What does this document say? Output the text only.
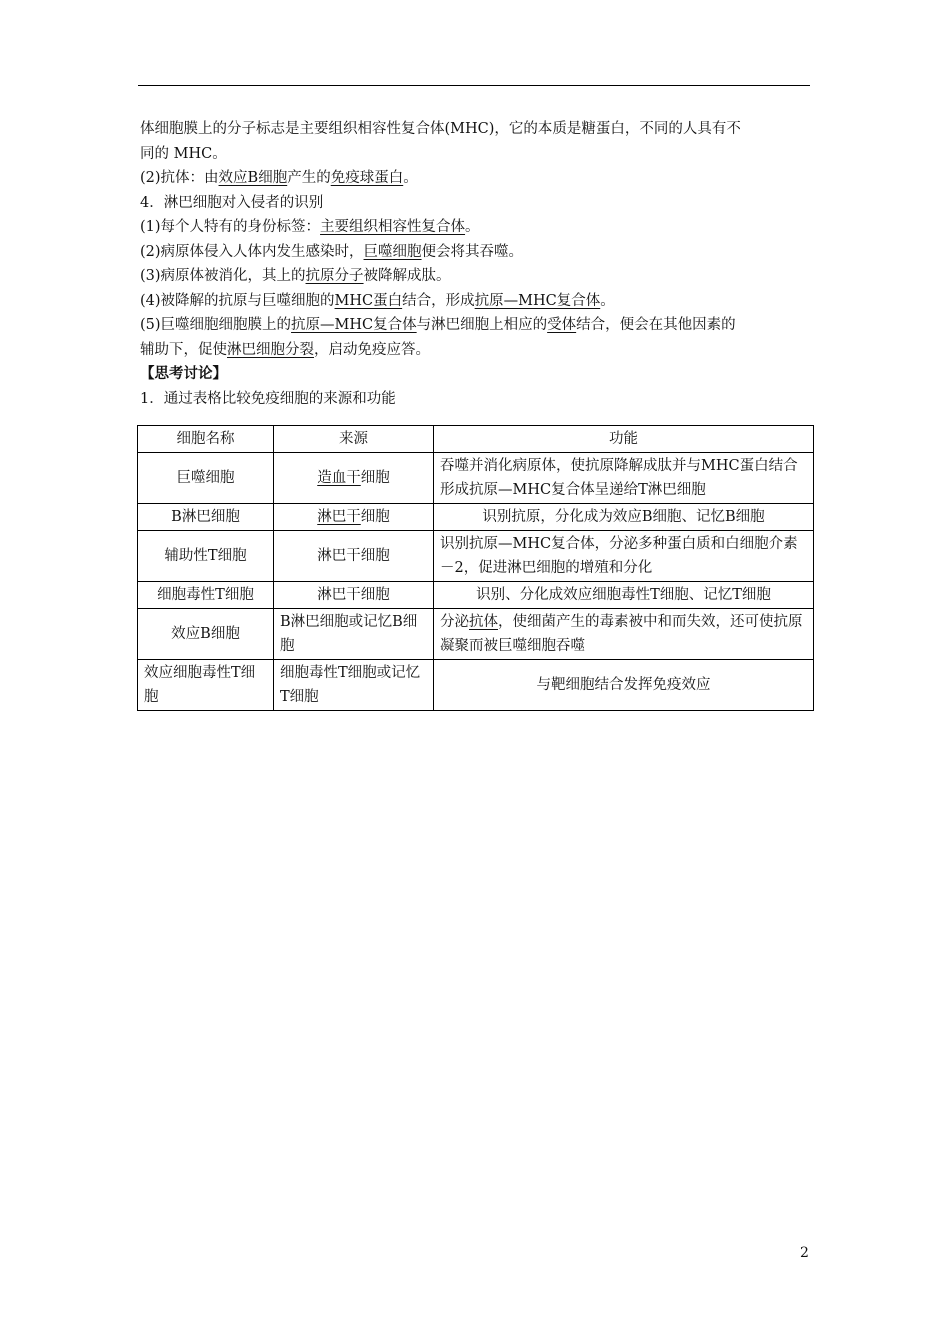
体细胞膜上的分子标志是主要组织相容性复合体(MHC)，它的本质是糖蛋白，不同的人具有不

同的 MHC。

(2)抗体：由效应B细胞产生的免疫球蛋白。

4．淋巴细胞对入侵者的识别

(1)每个人特有的身份标签：主要组织相容性复合体。

(2)病原体侵入人体内发生感染时，巨噬细胞便会将其吞噬。

(3)病原体被消化，其上的抗原分子被降解成肽。

(4)被降解的抗原与巨噬细胞的MHC蛋白结合，形成抗原—MHC复合体。

(5)巨噬细胞细胞膜上的抗原—MHC复合体与淋巴细胞上相应的受体结合，便会在其他因素的

辅助下，促使淋巴细胞分裂，启动免疫应答。

【思考讨论】

1．通过表格比较免疫细胞的来源和功能

细胞名称	来源	功能
巨噬细胞	造血干细胞	吞噬并消化病原体，使抗原降解成肽并与MHC蛋白结合形成抗原—MHC复合体呈递给T淋巴细胞
B淋巴细胞	淋巴干细胞	识别抗原，分化成为效应B细胞、记忆B细胞
辅助性T细胞	淋巴干细胞	识别抗原—MHC复合体，分泌多种蛋白质和白细胞介素－2，促进淋巴细胞的增殖和分化
细胞毒性T细胞	淋巴干细胞	识别、分化成效应细胞毒性T细胞、记忆T细胞
效应B细胞	B淋巴细胞或记忆B细胞	分泌抗体，使细菌产生的毒素被中和而失效，还可使抗原凝聚而被巨噬细胞吞噬
效应细胞毒性T细胞	细胞毒性T细胞或记忆T细胞	与靶细胞结合发挥免疫效应
2
